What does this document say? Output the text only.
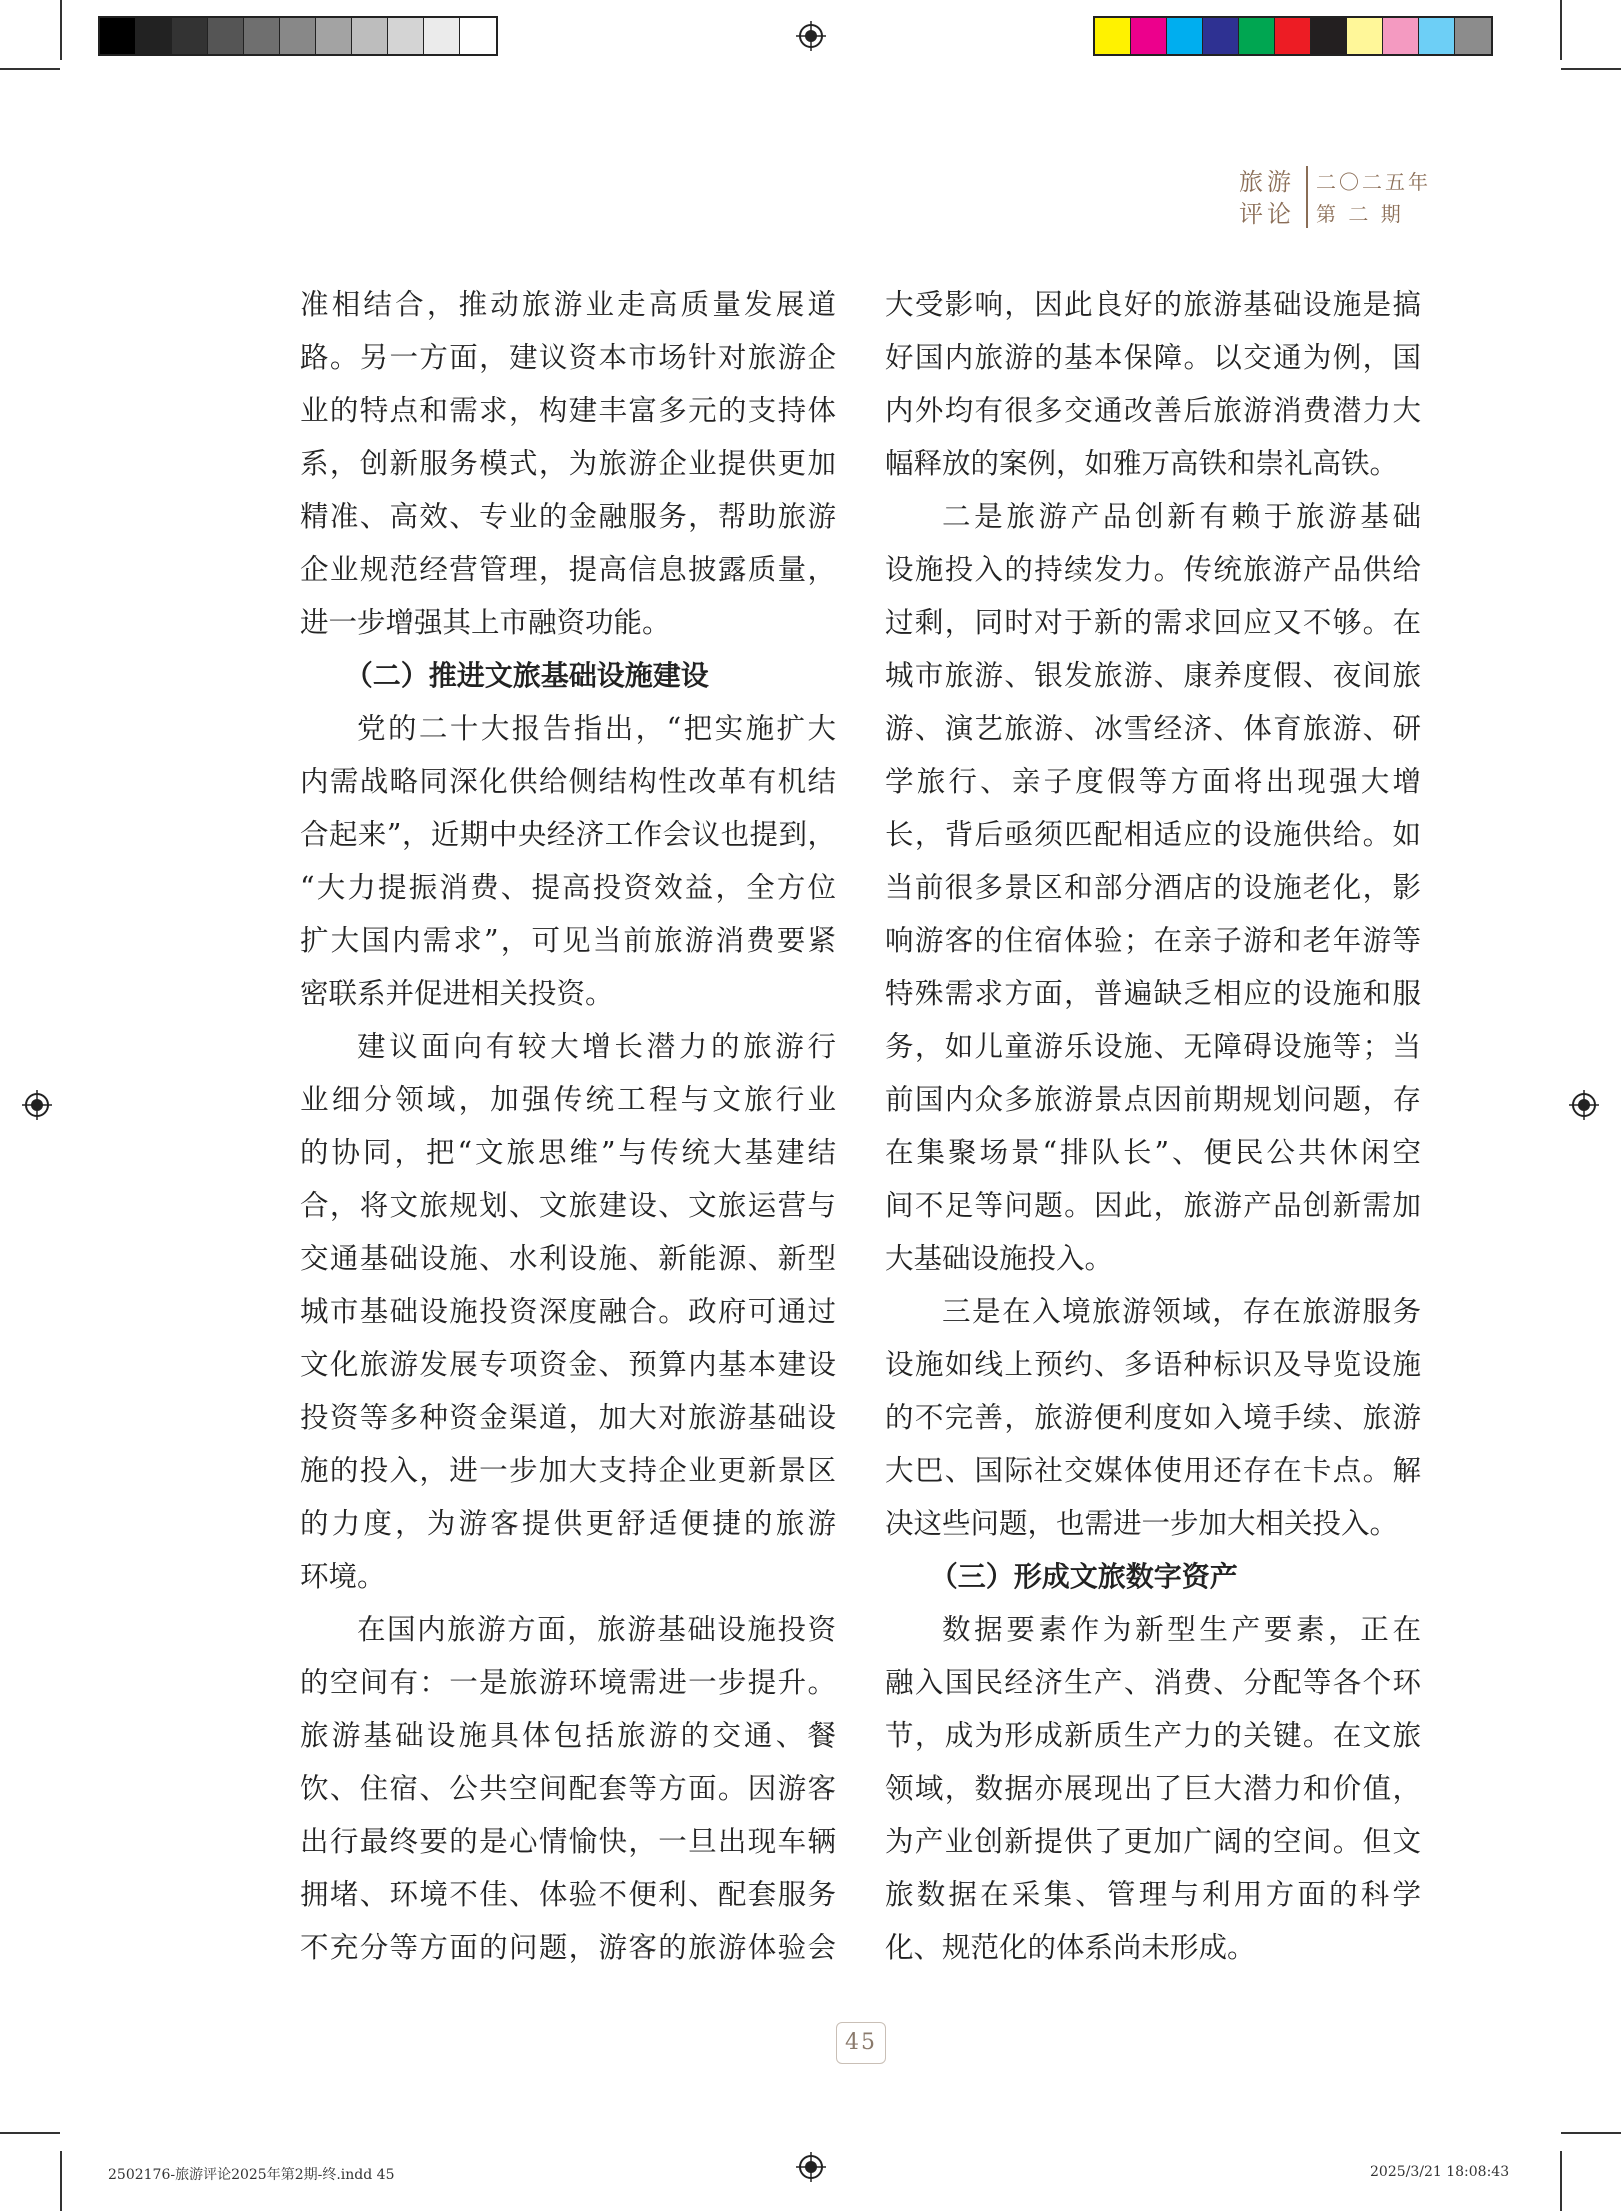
旅游
评论
二〇二五年
第 二 期

准相结合，推动旅游业走高质量发展道

路。另一方面，建议资本市场针对旅游企

业的特点和需求，构建丰富多元的支持体

系，创新服务模式，为旅游企业提供更加

精准、高效、专业的金融服务，帮助旅游

企业规范经营管理，提高信息披露质量，

进一步增强其上市融资功能。

（二）推进文旅基础设施建设

党的二十大报告指出，“把实施扩大

内需战略同深化供给侧结构性改革有机结

合起来”，近期中央经济工作会议也提到，

“大力提振消费、提高投资效益，全方位

扩大国内需求”，可见当前旅游消费要紧

密联系并促进相关投资。

建议面向有较大增长潜力的旅游行

业细分领域，加强传统工程与文旅行业

的协同，把“文旅思维”与传统大基建结

合，将文旅规划、文旅建设、文旅运营与

交通基础设施、水利设施、新能源、新型

城市基础设施投资深度融合。政府可通过

文化旅游发展专项资金、预算内基本建设

投资等多种资金渠道，加大对旅游基础设

施的投入，进一步加大支持企业更新景区

的力度，为游客提供更舒适便捷的旅游

环境。

在国内旅游方面，旅游基础设施投资

的空间有：一是旅游环境需进一步提升。

旅游基础设施具体包括旅游的交通、餐

饮、住宿、公共空间配套等方面。因游客

出行最终要的是心情愉快，一旦出现车辆

拥堵、环境不佳、体验不便利、配套服务

不充分等方面的问题，游客的旅游体验会

大受影响，因此良好的旅游基础设施是搞

好国内旅游的基本保障。以交通为例，国

内外均有很多交通改善后旅游消费潜力大

幅释放的案例，如雅万高铁和崇礼高铁。

二是旅游产品创新有赖于旅游基础

设施投入的持续发力。传统旅游产品供给

过剩，同时对于新的需求回应又不够。在

城市旅游、银发旅游、康养度假、夜间旅

游、演艺旅游、冰雪经济、体育旅游、研

学旅行、亲子度假等方面将出现强大增

长，背后亟须匹配相适应的设施供给。如

当前很多景区和部分酒店的设施老化，影

响游客的住宿体验；在亲子游和老年游等

特殊需求方面，普遍缺乏相应的设施和服

务，如儿童游乐设施、无障碍设施等；当

前国内众多旅游景点因前期规划问题，存

在集聚场景“排队长”、便民公共休闲空

间不足等问题。因此，旅游产品创新需加

大基础设施投入。

三是在入境旅游领域，存在旅游服务

设施如线上预约、多语种标识及导览设施

的不完善，旅游便利度如入境手续、旅游

大巴、国际社交媒体使用还存在卡点。解

决这些问题，也需进一步加大相关投入。

（三）形成文旅数字资产

数据要素作为新型生产要素，正在

融入国民经济生产、消费、分配等各个环

节，成为形成新质生产力的关键。在文旅

领域，数据亦展现出了巨大潜力和价值，

为产业创新提供了更加广阔的空间。但文

旅数据在采集、管理与利用方面的科学

化、规范化的体系尚未形成。

45
2502176-旅游评论2025年第2期-终.indd 45	2025/3/21 18:08:43
